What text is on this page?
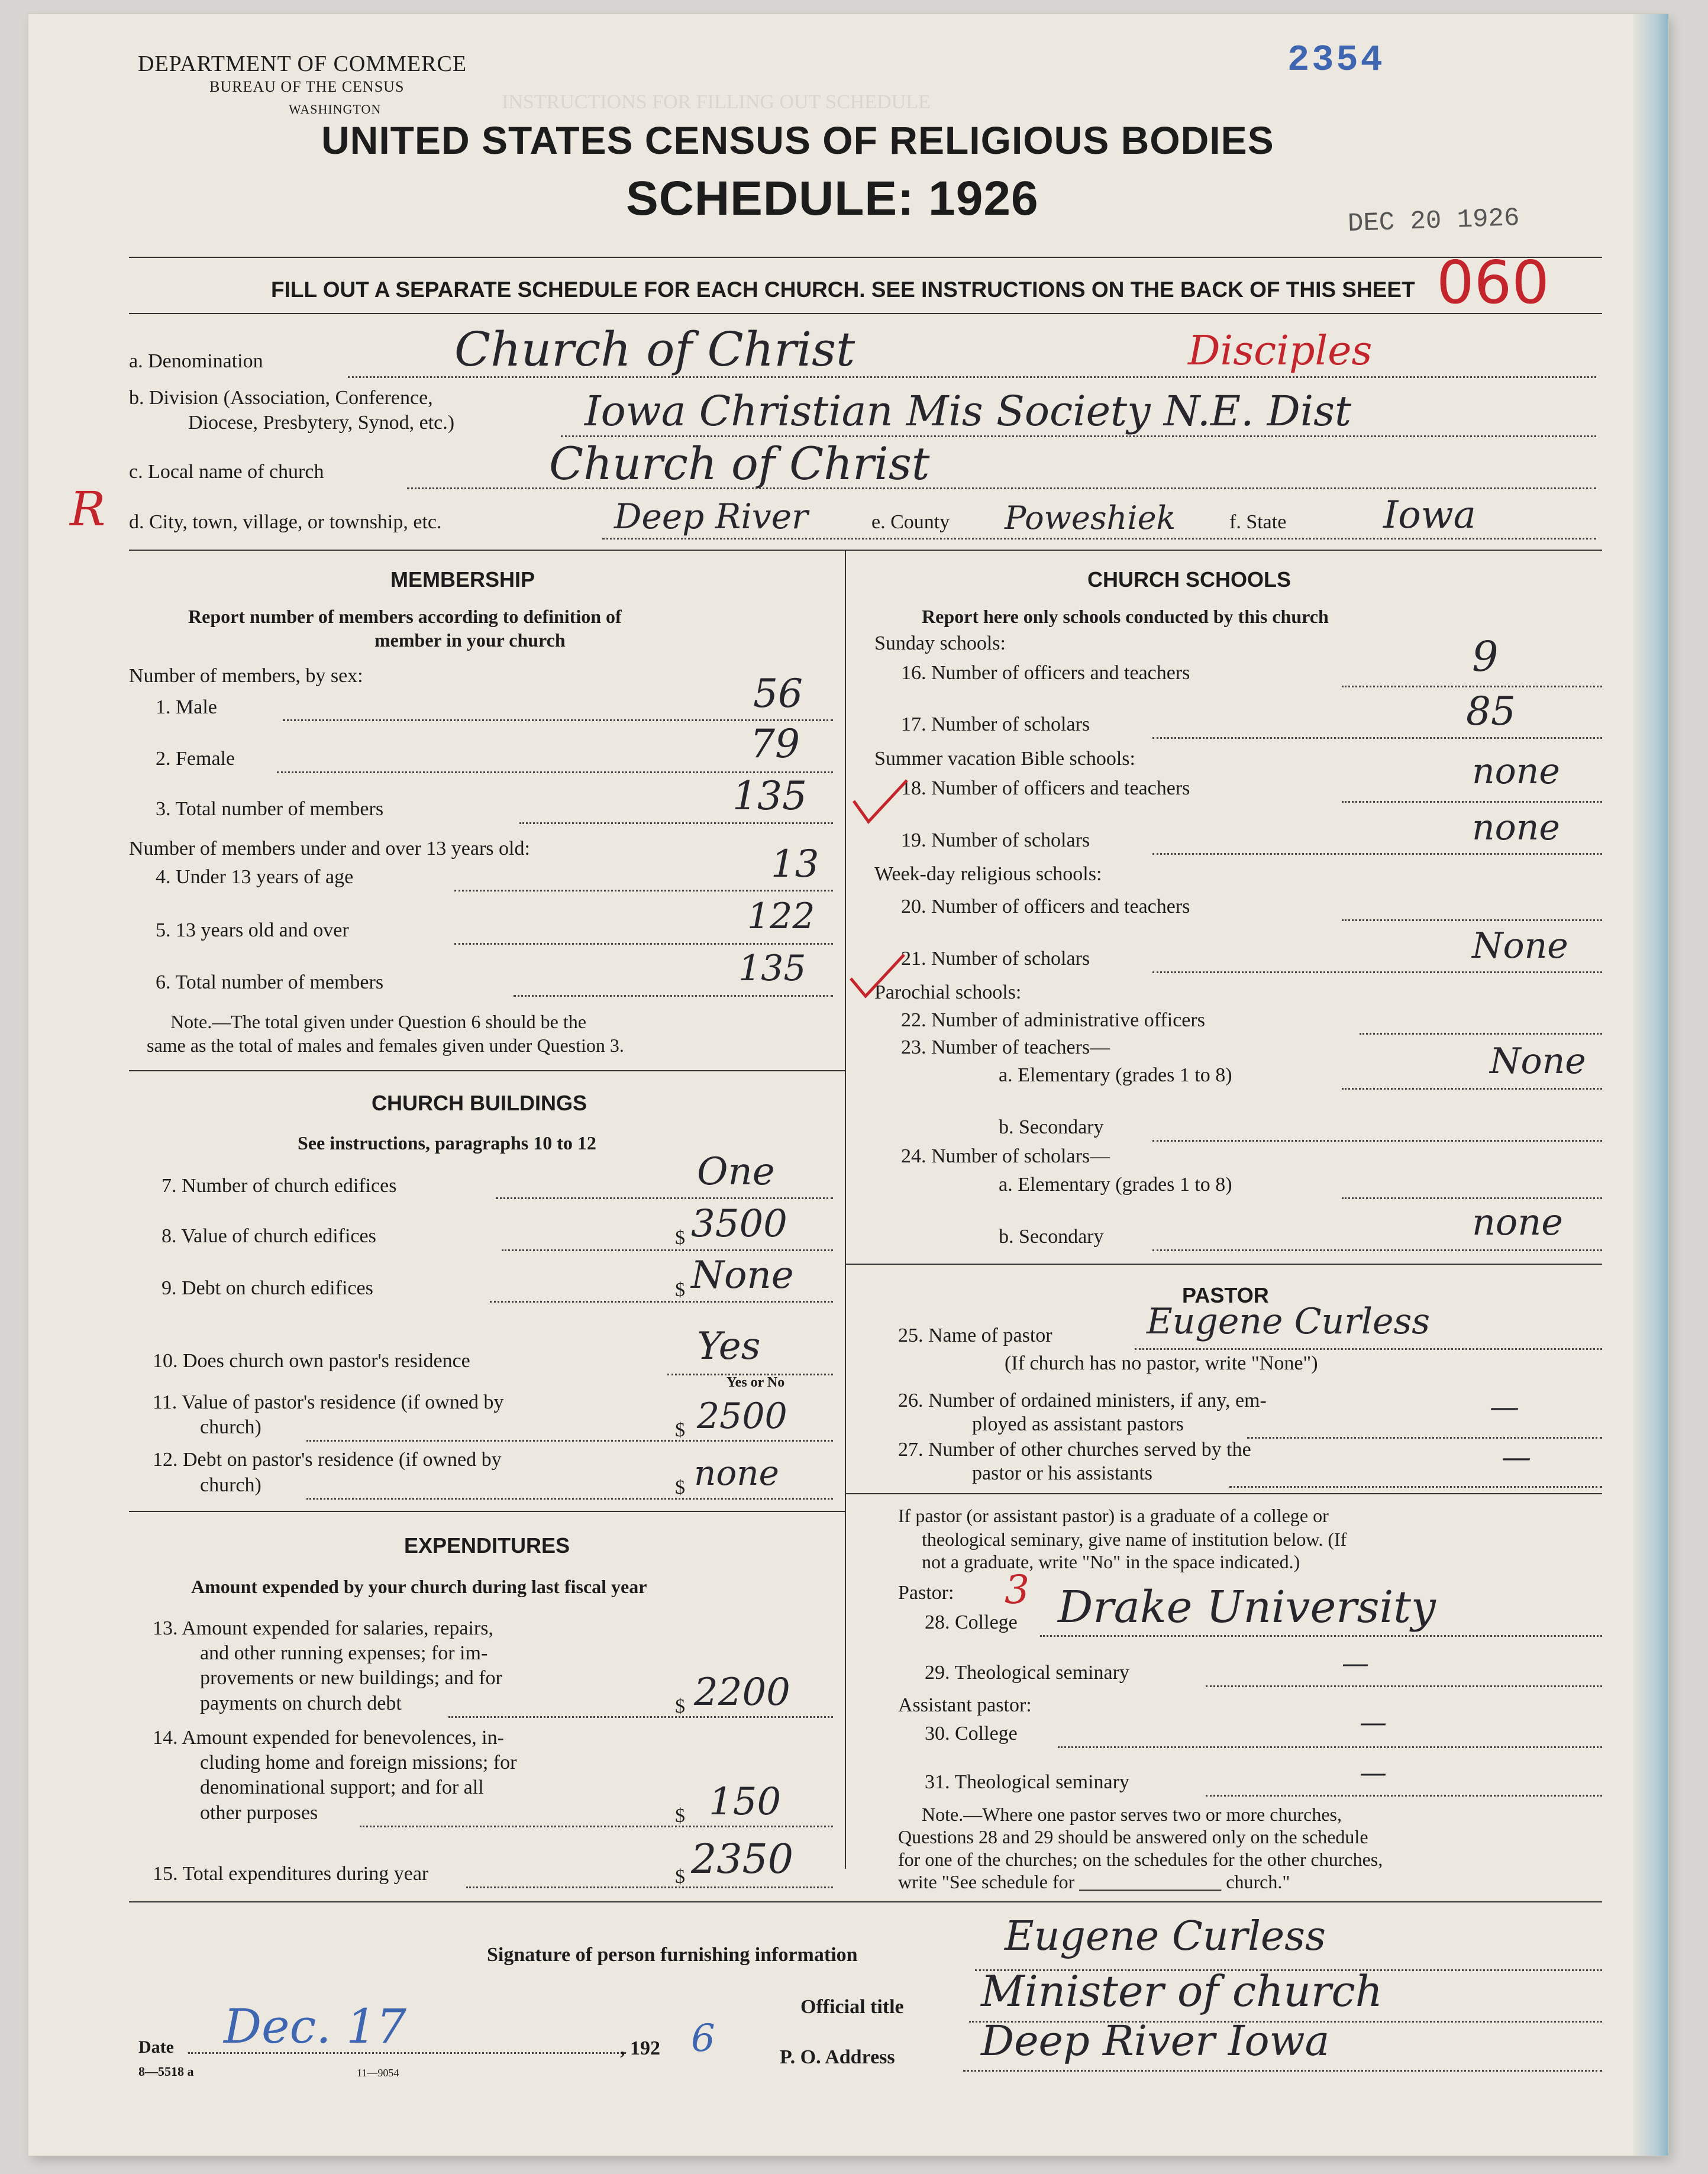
INSTRUCTIONS FOR FILLING OUT SCHEDULE
DEPARTMENT OF COMMERCE
BUREAU OF THE CENSUS
WASHINGTON
2354
UNITED STATES CENSUS OF RELIGIOUS BODIES
SCHEDULE: 1926	DEC 20 1926
060
FILL OUT A SEPARATE SCHEDULE FOR EACH CHURCH. SEE INSTRUCTIONS ON THE BACK OF THIS SHEET
a. Denomination	Church of Christ	Disciples
b. Division (Association, Conference,
Diocese, Presbytery, Synod, etc.)	Iowa Christian Mis Society N.E. Dist
c. Local name of church	Church of Christ
R d. City, town, village, or township, etc.	Deep River	e. County Poweshiek	f. State	Iowa
MEMBERSHIP
Report number of members according to definition of
member in your church
Number of members, by sex:
1. Male	56
2. Female	79
3. Total number of members	135
Number of members under and over 13 years old:
4. Under 13 years of age	13
5. 13 years old and over	122
6. Total number of members	135
Note.—The total given under Question 6 should be the
same as the total of males and females given under Question 3.
CHURCH BUILDINGS
See instructions, paragraphs 10 to 12
7. Number of church edifices	One
8. Value of church edifices	$ 3500
9. Debt on church edifices	$ None
10. Does church own pastor's residence	Yes
Yes or No
11. Value of pastor's residence (if owned by
church)	$ 2500
12. Debt on pastor's residence (if owned by
church)	$ none
EXPENDITURES
Amount expended by your church during last fiscal year
13. Amount expended for salaries, repairs,
and other running expenses; for im-
provements or new buildings; and for
payments on church debt	$ 2200
14. Amount expended for benevolences, in-
cluding home and foreign missions; for
denominational support; and for all
other purposes	$ 150
15. Total expenditures during year	$ 2350
CHURCH SCHOOLS
Report here only schools conducted by this church
Sunday schools:
16. Number of officers and teachers	9
17. Number of scholars	85
Summer vacation Bible schools:
18. Number of officers and teachers	none
19. Number of scholars	none
Week-day religious schools:
20. Number of officers and teachers
21. Number of scholars	None
Parochial schools:
22. Number of administrative officers
23. Number of teachers—
a. Elementary (grades 1 to 8)	None
b. Secondary
24. Number of scholars—
a. Elementary (grades 1 to 8)
b. Secondary	none
PASTOR
25. Name of pastor	Eugene Curless
(If church has no pastor, write "None")
26. Number of ordained ministers, if any, em-
ployed as assistant pastors
—
27. Number of other churches served by the
pastor or his assistants	—
If pastor (or assistant pastor) is a graduate of a college or
theological seminary, give name of institution below. (If
not a graduate, write "No" in the space indicated.)
Pastor: 3
28. College Drake University
29. Theological seminary	—
Assistant pastor:
30. College	—
31. Theological seminary	—
Note.—Where one pastor serves two or more churches,
Questions 28 and 29 should be answered only on the schedule
for one of the churches; on the schedules for the other churches,
write "See schedule for _______________ church."
Signature of person furnishing information	Eugene Curless
Official title Minister of church
Date Dec. 17	, 192 6	P. O. Address Deep River Iowa
8—5518 a	11—9054
